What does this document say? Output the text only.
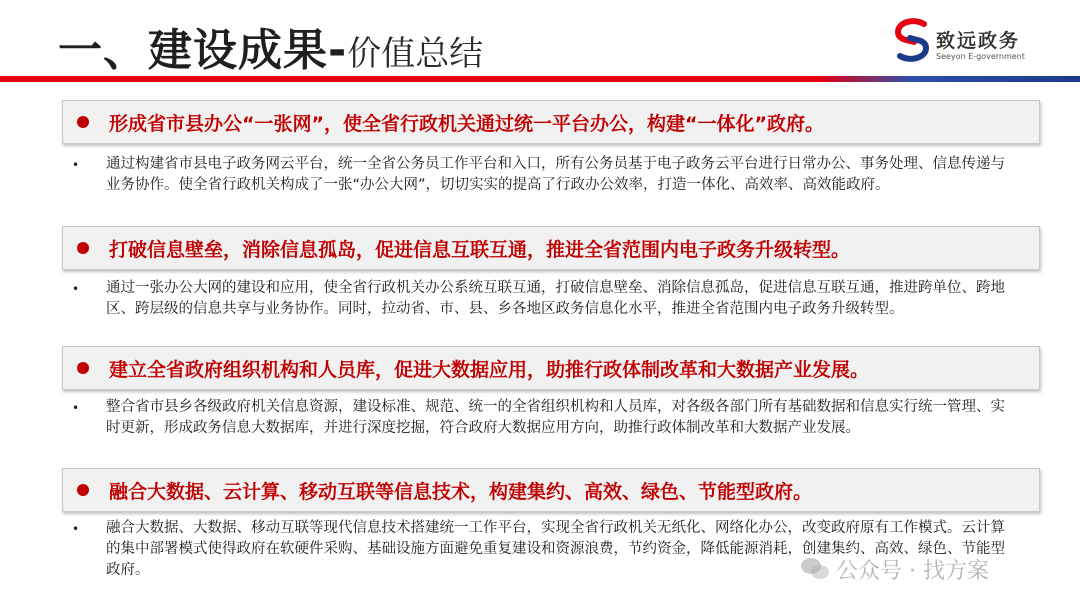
一、建设成果- 价值总结	致远政务
Seeyon E-government
形成省市县办公“一张网”，使全省行政机关通过统一平台办公，构建“一体化”政府。
• 通过构建省市县电子政务网云平台，统一全省公务员工作平台和入口，所有公务员基于电子政务云平台进行日常办公、事务处理、信息传递与业务协作。使全省行政机关构成了一张“办公大网”，切切实实的提高了行政办公效率，打造一体化、高效率、高效能政府。
打破信息壁垒，消除信息孤岛，促进信息互联互通，推进全省范围内电子政务升级转型。
• 通过一张办公大网的建设和应用，使全省行政机关办公系统互联互通，打破信息壁垒、消除信息孤岛，促进信息互联互通，推进跨单位、跨地区、跨层级的信息共享与业务协作。同时，拉动省、市、县、乡各地区政务信息化水平，推进全省范围内电子政务升级转型。
建立全省政府组织机构和人员库，促进大数据应用，助推行政体制改革和大数据产业发展。
• 整合省市县乡各级政府机关信息资源，建设标准、规范、统一的全省组织机构和人员库，对各级各部门所有基础数据和信息实行统一管理、实时更新，形成政务信息大数据库，并进行深度挖掘，符合政府大数据应用方向，助推行政体制改革和大数据产业发展。
融合大数据、云计算、移动互联等信息技术，构建集约、高效、绿色、节能型政府。
• 融合大数据、大数据、移动互联等现代信息技术搭建统一工作平台，实现全省行政机关无纸化、网络化办公，改变政府原有工作模式。云计算的集中部署模式使得政府在软硬件采购、基础设施方面避免重复建设和资源浪费，节约资金，降低能源消耗，创建集约、高效、绿色、节能型政府。	公众号 · 找方案
